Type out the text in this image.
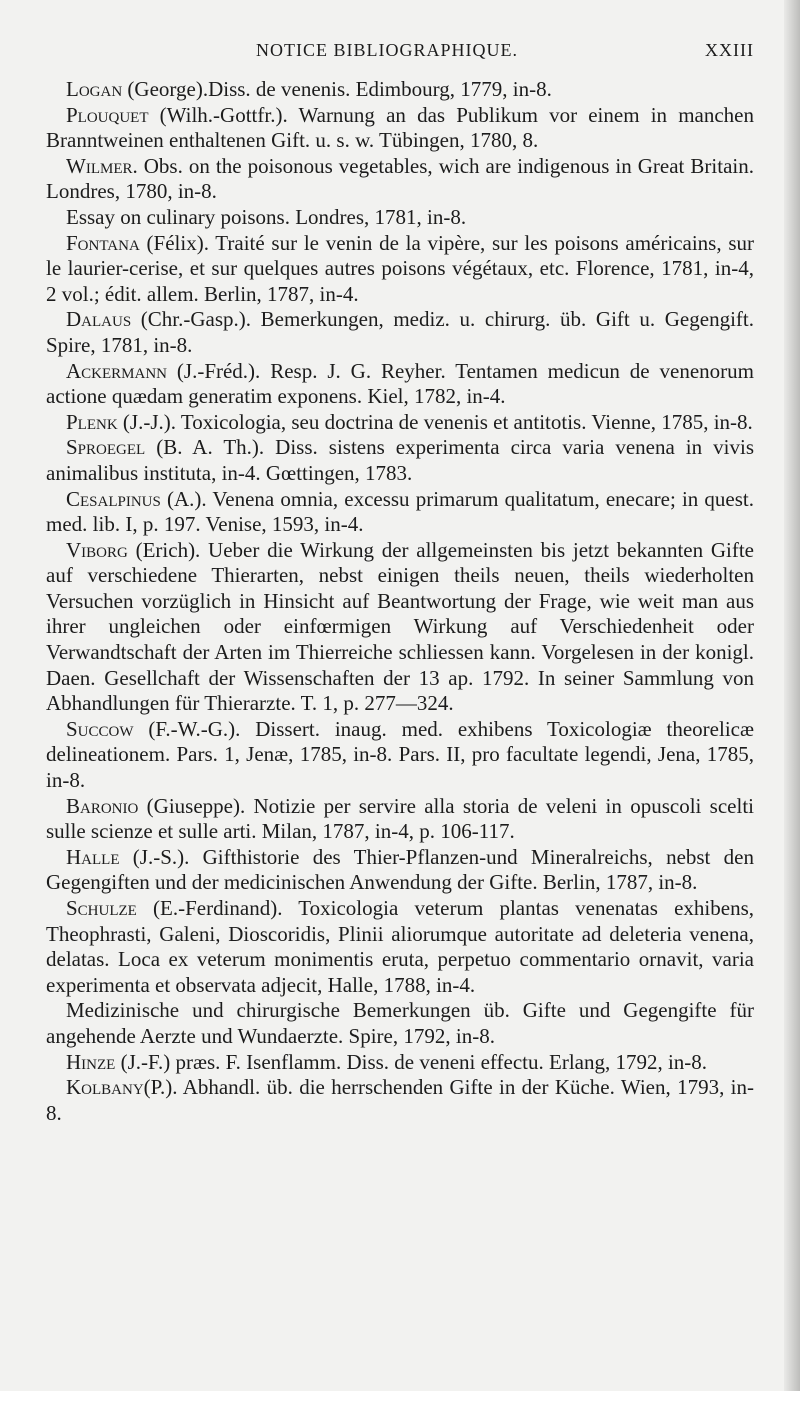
NOTICE BIBLIOGRAPHIQUE.	XXIII

Logan (George).Diss. de venenis. Edimbourg, 1779, in-8.

Plouquet (Wilh.-Gottfr.). Warnung an das Publikum vor einem in manchen Branntweinen enthaltenen Gift. u. s. w. Tübingen, 1780, 8.

Wilmer. Obs. on the poisonous vegetables, wich are indigenous in Great Britain. Londres, 1780, in-8.

Essay on culinary poisons. Londres, 1781, in-8.

Fontana (Félix). Traité sur le venin de la vipère, sur les poisons américains, sur le laurier-cerise, et sur quelques autres poisons végétaux, etc. Florence, 1781, in-4, 2 vol.; édit. allem. Berlin, 1787, in-4.

Dalaus (Chr.-Gasp.). Bemerkungen, mediz. u. chirurg. üb. Gift u. Gegengift. Spire, 1781, in-8.

Ackermann (J.-Fréd.). Resp. J. G. Reyher. Tentamen medicun de venenorum actione quædam generatim exponens. Kiel, 1782, in-4.

Plenk (J.-J.). Toxicologia, seu doctrina de venenis et antitotis. Vienne, 1785, in-8.

Sproegel (B. A. Th.). Diss. sistens experimenta circa varia venena in vivis animalibus instituta, in-4. Gœttingen, 1783.

Cesalpinus (A.). Venena omnia, excessu primarum qualitatum, enecare; in quest. med. lib. I, p. 197. Venise, 1593, in-4.

Viborg (Erich). Ueber die Wirkung der allgemeinsten bis jetzt bekannten Gifte auf verschiedene Thierarten, nebst einigen theils neuen, theils wiederholten Versuchen vorzüglich in Hinsicht auf Beantwortung der Frage, wie weit man aus ihrer ungleichen oder einfœrmigen Wirkung auf Verschiedenheit oder Verwandtschaft der Arten im Thierreiche schliessen kann. Vorgelesen in der konigl. Daen. Gesellchaft der Wissenschaften der 13 ap. 1792. In seiner Sammlung von Abhandlungen für Thierarzte. T. 1, p. 277—324.

Succow (F.-W.-G.). Dissert. inaug. med. exhibens Toxicologiæ theorelicæ delineationem. Pars. 1, Jenæ, 1785, in-8. Pars. II, pro facultate legendi, Jena, 1785, in-8.

Baronio (Giuseppe). Notizie per servire alla storia de veleni in opuscoli scelti sulle scienze et sulle arti. Milan, 1787, in-4, p. 106-117.

Halle (J.-S.). Gifthistorie des Thier-Pflanzen-und Mineralreichs, nebst den Gegengiften und der medicinischen Anwendung der Gifte. Berlin, 1787, in-8.

Schulze (E.-Ferdinand). Toxicologia veterum plantas venenatas exhibens, Theophrasti, Galeni, Dioscoridis, Plinii aliorumque autoritate ad deleteria venena, delatas. Loca ex veterum monimentis eruta, perpetuo commentario ornavit, varia experimenta et observata adjecit, Halle, 1788, in-4.

Medizinische und chirurgische Bemerkungen üb. Gifte und Gegengifte für angehende Aerzte und Wundaerzte. Spire, 1792, in-8.

Hinze (J.-F.) præs. F. Isenflamm. Diss. de veneni effectu. Erlang, 1792, in-8.

Kolbany(P.). Abhandl. üb. die herrschenden Gifte in der Küche. Wien, 1793, in-8.
